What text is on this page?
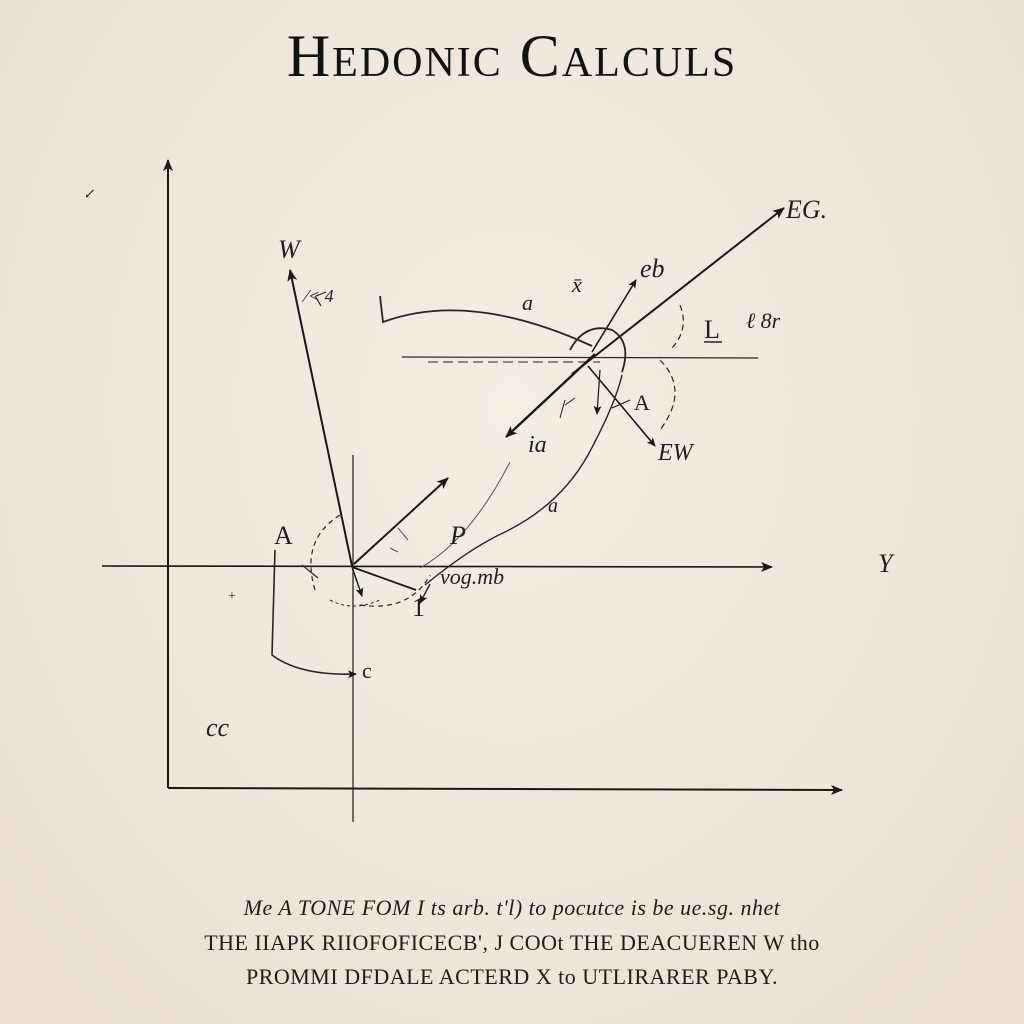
Hedonic Calculs
W
⁄< 4
EG.
eb
x̄
a
L ℓ 8r
A
EW
ia
a
P
vog.mb
1
A
Y
c
cc
+
↙
Me A TONE FOM I ts arb. t'l) to pocutce is be ue.sg. nhet
THE IIAPK RIIOFOFICECB', J COOt THE DEACUEREN W tho
PROMMI DFDALE ACTERD X to UTLIRARER PABY.
